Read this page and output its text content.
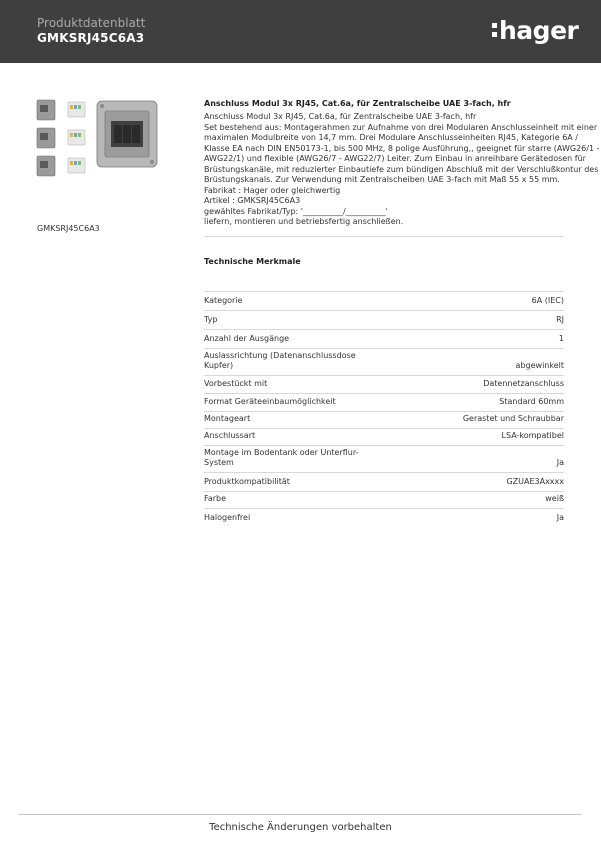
Produktdatenblatt
GMKSRJ45C6A3	hager
GMKSRJ45C6A3
Anschluss Modul 3x RJ45, Cat.6a, für Zentralscheibe UAE 3-fach, hfr
Anschluss Modul 3x RJ45, Cat.6a, für Zentralscheibe UAE 3-fach, hfr
Set bestehend aus: Montagerahmen zur Aufnahme von drei Modularen Anschlusseinheit mit einer
maximalen Modulbreite von 14,7 mm. Drei Modulare Anschlusseinheiten RJ45, Kategorie 6A /
Klasse EA nach DIN EN50173-1, bis 500 MHz, 8 polige Ausführung,, geeignet für starre (AWG26/1 -
AWG22/1) und flexible (AWG26/7 - AWG22/7) Leiter. Zum Einbau in anreihbare Gerätedosen für
Brüstungskanäle, mit reduzierter Einbautiefe zum bündigen Abschluß mit der Verschlußkontur des
Brüstungskanals. Zur Verwendung mit Zentralscheiben UAE 3-fach mit Maß 55 x 55 mm.
Fabrikat : Hager oder gleichwertig
Artikel : GMKSRJ45C6A3
gewähltes Fabrikat/Typ: '__________/__________'
liefern, montieren und betriebsfertig anschließen.
Technische Merkmale
Kategorie	6A (IEC)
Typ	RJ
Anzahl der Ausgänge	1
Auslassrichtung (Datenanschlussdose Kupfer)	abgewinkelt
Vorbestückt mit	Datennetzanschluss
Format Geräteeinbaumöglichkeit	Standard 60mm
Montageart	Gerastet und Schraubbar
Anschlussart	LSA-kompatibel
Montage im Bodentank oder Unterflur-System	Ja
Produktkompatibilität	GZUAE3Axxxx
Farbe	weiß
Halogenfrei	Ja
Technische Änderungen vorbehalten
